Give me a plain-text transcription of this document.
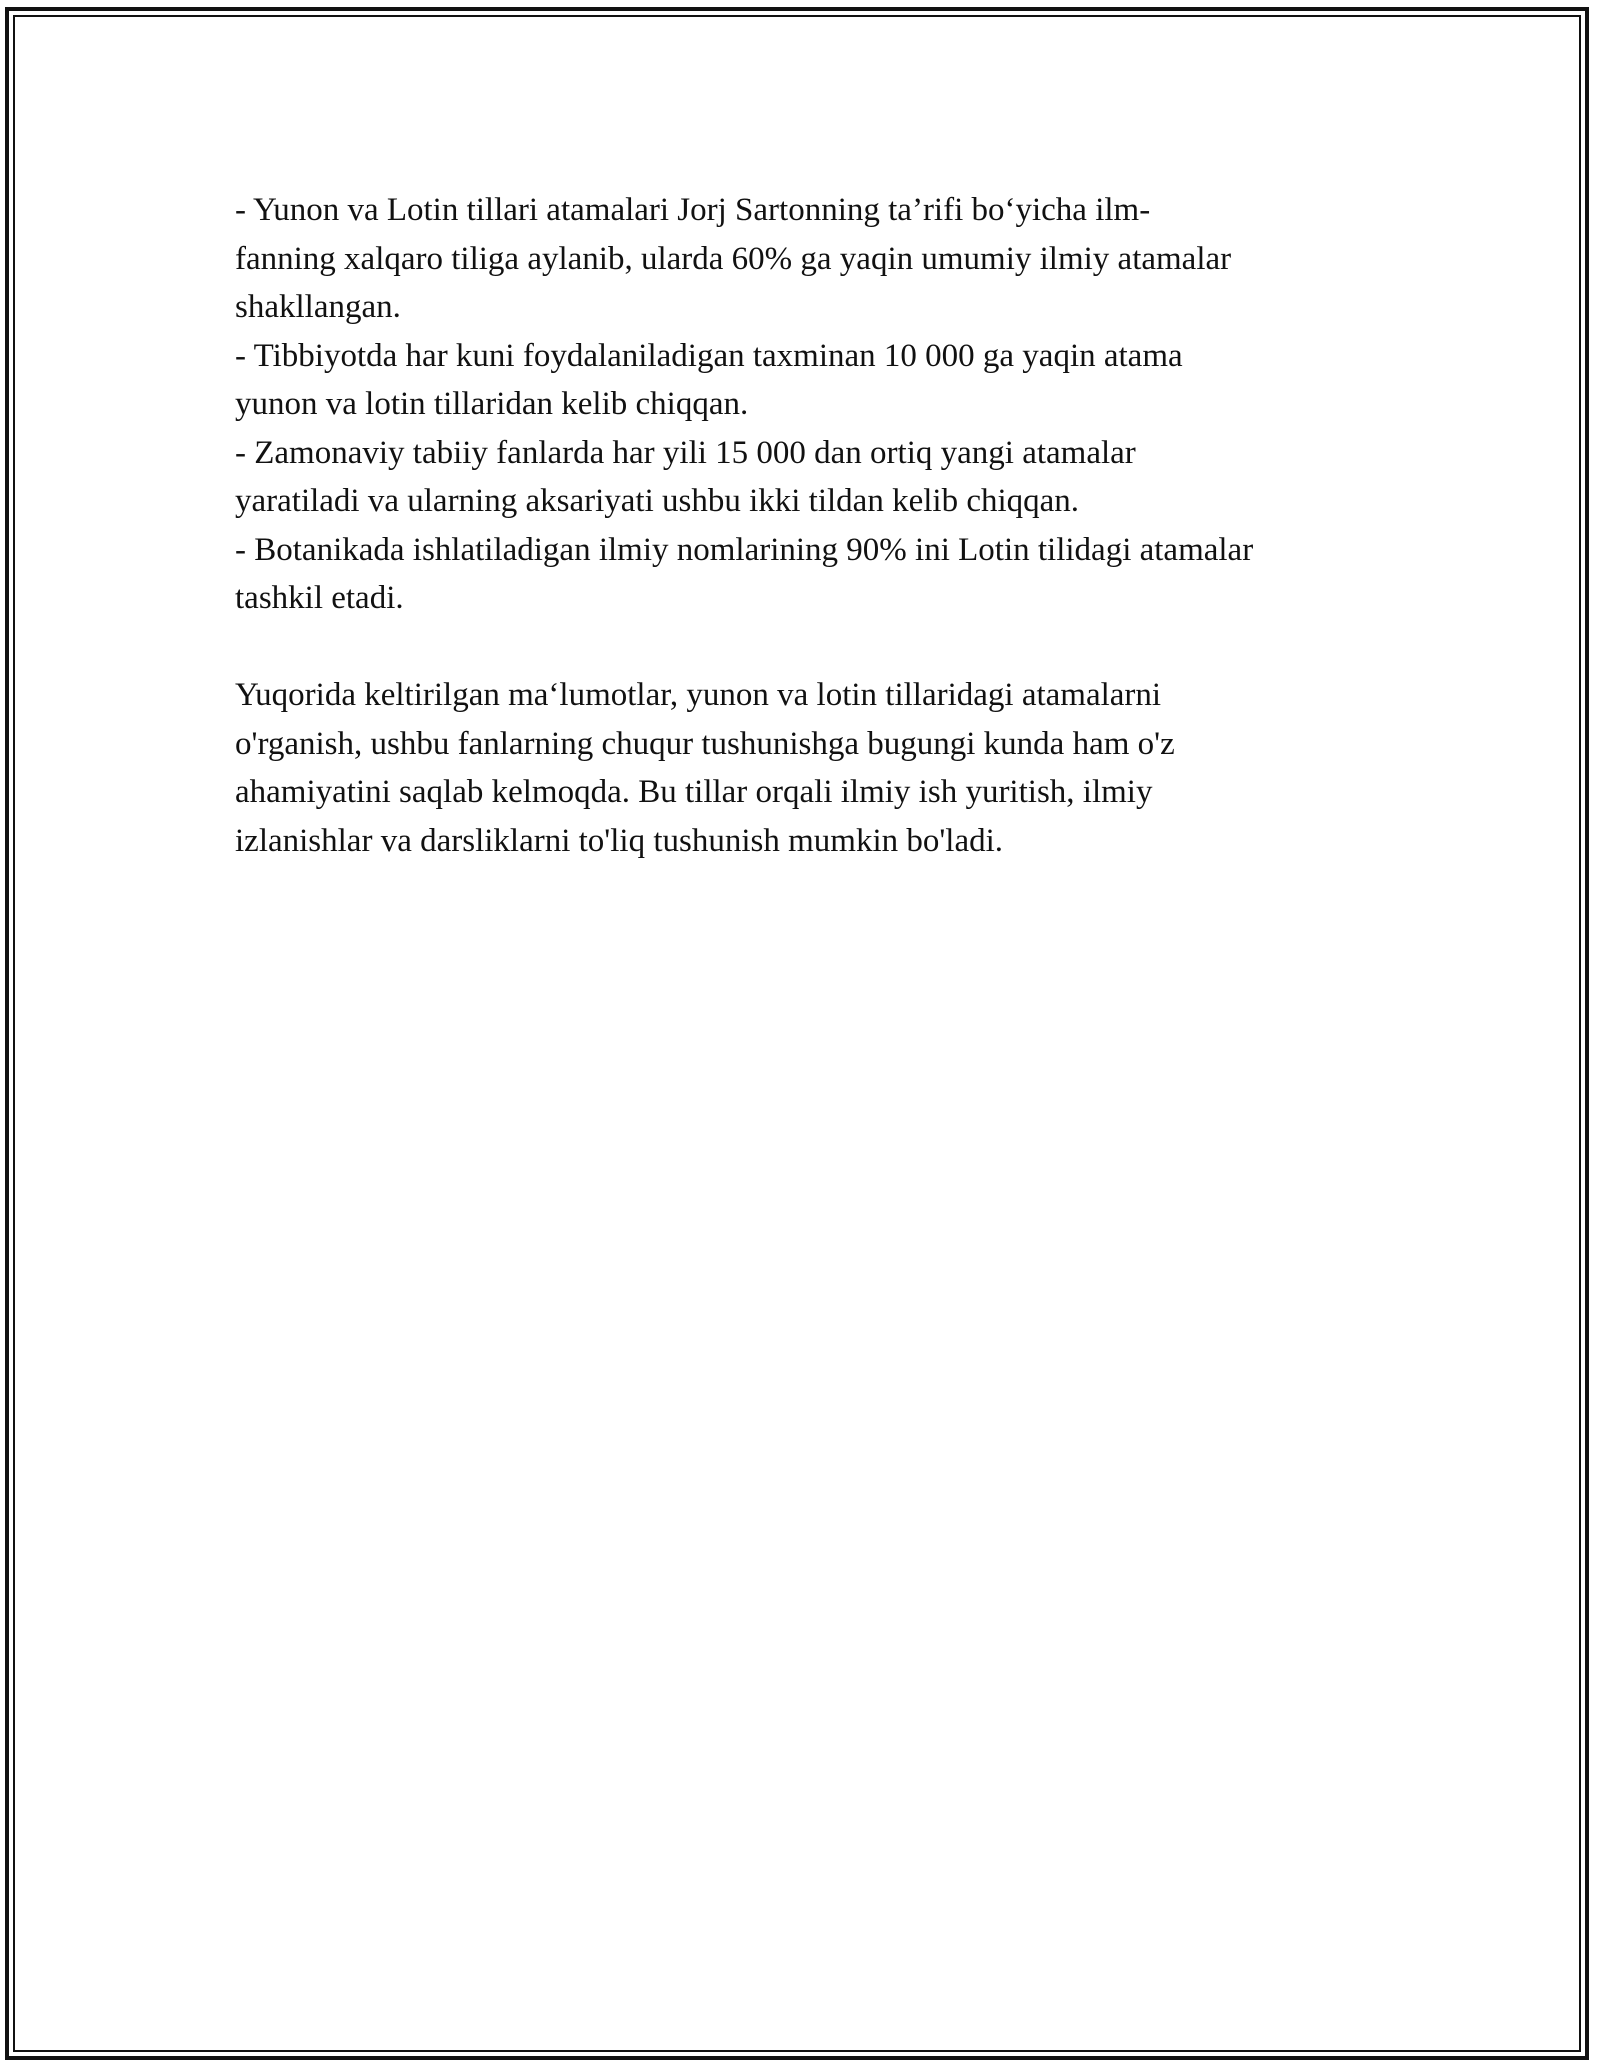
- Yunon va Lotin tillari atamalari Jorj Sartonning ta’rifi bo‘yicha ilm-
fanning xalqaro tiliga aylanib, ularda 60% ga yaqin umumiy ilmiy atamalar
shakllangan.
- Tibbiyotda har kuni foydalaniladigan taxminan 10 000 ga yaqin atama
yunon va lotin tillaridan kelib chiqqan.
- Zamonaviy tabiiy fanlarda har yili 15 000 dan ortiq yangi atamalar
yaratiladi va ularning aksariyati ushbu ikki tildan kelib chiqqan.
- Botanikada ishlatiladigan ilmiy nomlarining 90% ini Lotin tilidagi atamalar
tashkil etadi.
Yuqorida keltirilgan ma‘lumotlar, yunon va lotin tillaridagi atamalarni
o'rganish, ushbu fanlarning chuqur tushunishga bugungi kunda ham o'z
ahamiyatini saqlab kelmoqda. Bu tillar orqali ilmiy ish yuritish, ilmiy
izlanishlar va darsliklarni to'liq tushunish mumkin bo'ladi.
